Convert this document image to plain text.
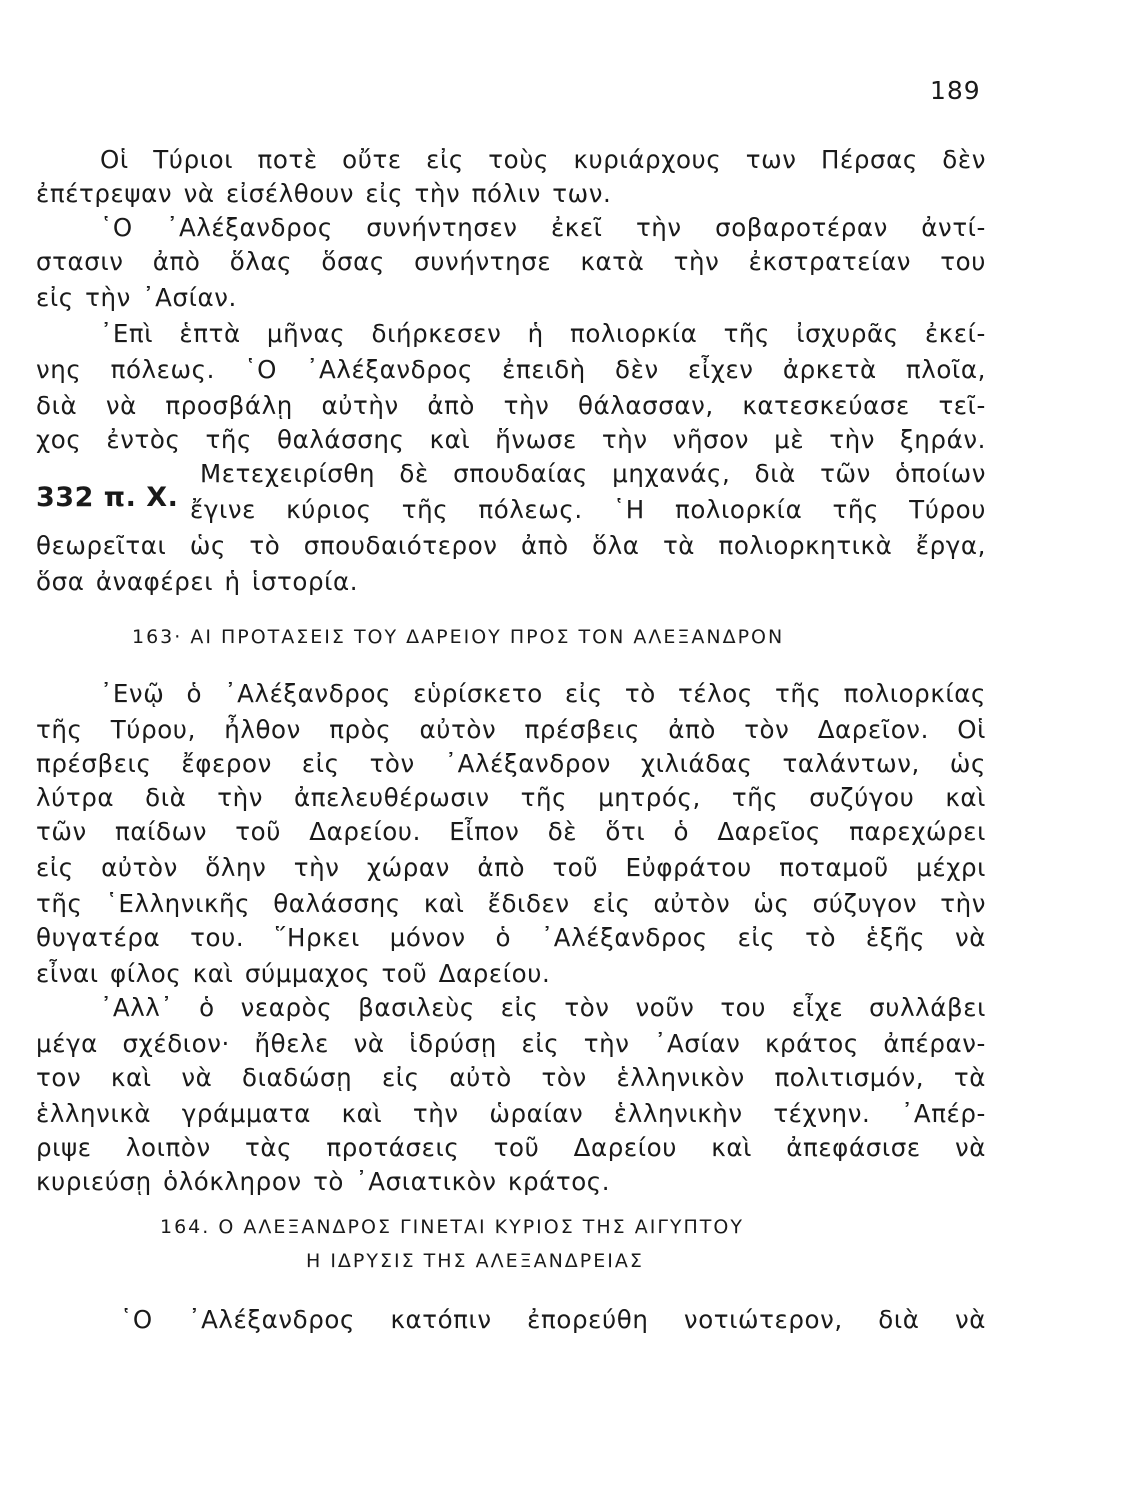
189
Οἱ Τύριοι ποτὲ οὔτε εἰς τοὺς κυριάρχους των Πέρσας δὲν
ἐπέτρεψαν νὰ εἰσέλθουν εἰς τὴν πόλιν των.
῾Ο ᾿Αλέξανδρος συνήντησεν ἐκεῖ τὴν σοβαροτέραν ἀντί-
στασιν ἀπὸ ὅλας ὅσας συνήντησε κατὰ τὴν ἐκστρατείαν του
εἰς τὴν ᾿Ασίαν.
᾿Επὶ ἑπτὰ μῆνας διήρκεσεν ἡ πολιορκία τῆς ἰσχυρᾶς ἐκεί-
νης πόλεως. ῾Ο ᾿Αλέξανδρος ἐπειδὴ δὲν εἶχεν ἀρκετὰ πλοῖα,
διὰ νὰ προσβάλῃ αὐτὴν ἀπὸ τὴν θάλασσαν, κατεσκεύασε τεῖ-
χος ἐντὸς τῆς θαλάσσης καὶ ἥνωσε τὴν νῆσον μὲ τὴν ξηράν.
332 π. Χ.
Μετεχειρίσθη δὲ σπουδαίας μηχανάς, διὰ τῶν ὁποίων
ἔγινε κύριος τῆς πόλεως. ῾Η πολιορκία τῆς Τύρου
θεωρεῖται ὡς τὸ σπουδαιότερον ἀπὸ ὅλα τὰ πολιορκητικὰ ἔργα,
ὅσα ἀναφέρει ἡ ἱστορία.
163· ΑΙ ΠΡΟΤΑΣΕΙΣ ΤΟΥ ΔΑΡΕΙΟΥ ΠΡΟΣ ΤΟΝ ΑΛΕΞΑΝΔΡΟΝ
᾿Ενῷ ὁ ᾿Αλέξανδρος εὑρίσκετο εἰς τὸ τέλος τῆς πολιορκίας
τῆς Τύρου, ἦλθον πρὸς αὐτὸν πρέσβεις ἀπὸ τὸν Δαρεῖον. Οἱ
πρέσβεις ἔφερον εἰς τὸν ᾿Αλέξανδρον χιλιάδας ταλάντων, ὡς
λύτρα διὰ τὴν ἀπελευθέρωσιν τῆς μητρός, τῆς συζύγου καὶ
τῶν παίδων τοῦ Δαρείου. Εἶπον δὲ ὅτι ὁ Δαρεῖος παρεχώρει
εἰς αὐτὸν ὅλην τὴν χώραν ἀπὸ τοῦ Εὐφράτου ποταμοῦ μέχρι
τῆς ῾Ελληνικῆς θαλάσσης καὶ ἔδιδεν εἰς αὐτὸν ὡς σύζυγον τὴν
θυγατέρα του. ῞Ηρκει μόνον ὁ ᾿Αλέξανδρος εἰς τὸ ἑξῆς νὰ
εἶναι φίλος καὶ σύμμαχος τοῦ Δαρείου.
᾿Αλλ᾿ ὁ νεαρὸς βασιλεὺς εἰς τὸν νοῦν του εἶχε συλλάβει
μέγα σχέδιον· ἤθελε νὰ ἱδρύσῃ εἰς τὴν ᾿Ασίαν κράτος ἀπέραν-
τον καὶ νὰ διαδώσῃ εἰς αὐτὸ τὸν ἑλληνικὸν πολιτισμόν, τὰ
ἑλληνικὰ γράμματα καὶ τὴν ὡραίαν ἑλληνικὴν τέχνην. ᾿Απέρ-
ριψε λοιπὸν τὰς προτάσεις τοῦ Δαρείου καὶ ἀπεφάσισε νὰ
κυριεύσῃ ὁλόκληρον τὸ ᾿Ασιατικὸν κράτος.
164. Ο ΑΛΕΞΑΝΔΡΟΣ ΓΙΝΕΤΑΙ ΚΥΡΙΟΣ ΤΗΣ ΑΙΓΥΠΤΟΥ
Η ΙΔΡΥΣΙΣ ΤΗΣ ΑΛΕΞΑΝΔΡΕΙΑΣ
῾Ο ᾿Αλέξανδρος κατόπιν ἐπορεύθη νοτιώτερον, διὰ νὰ
